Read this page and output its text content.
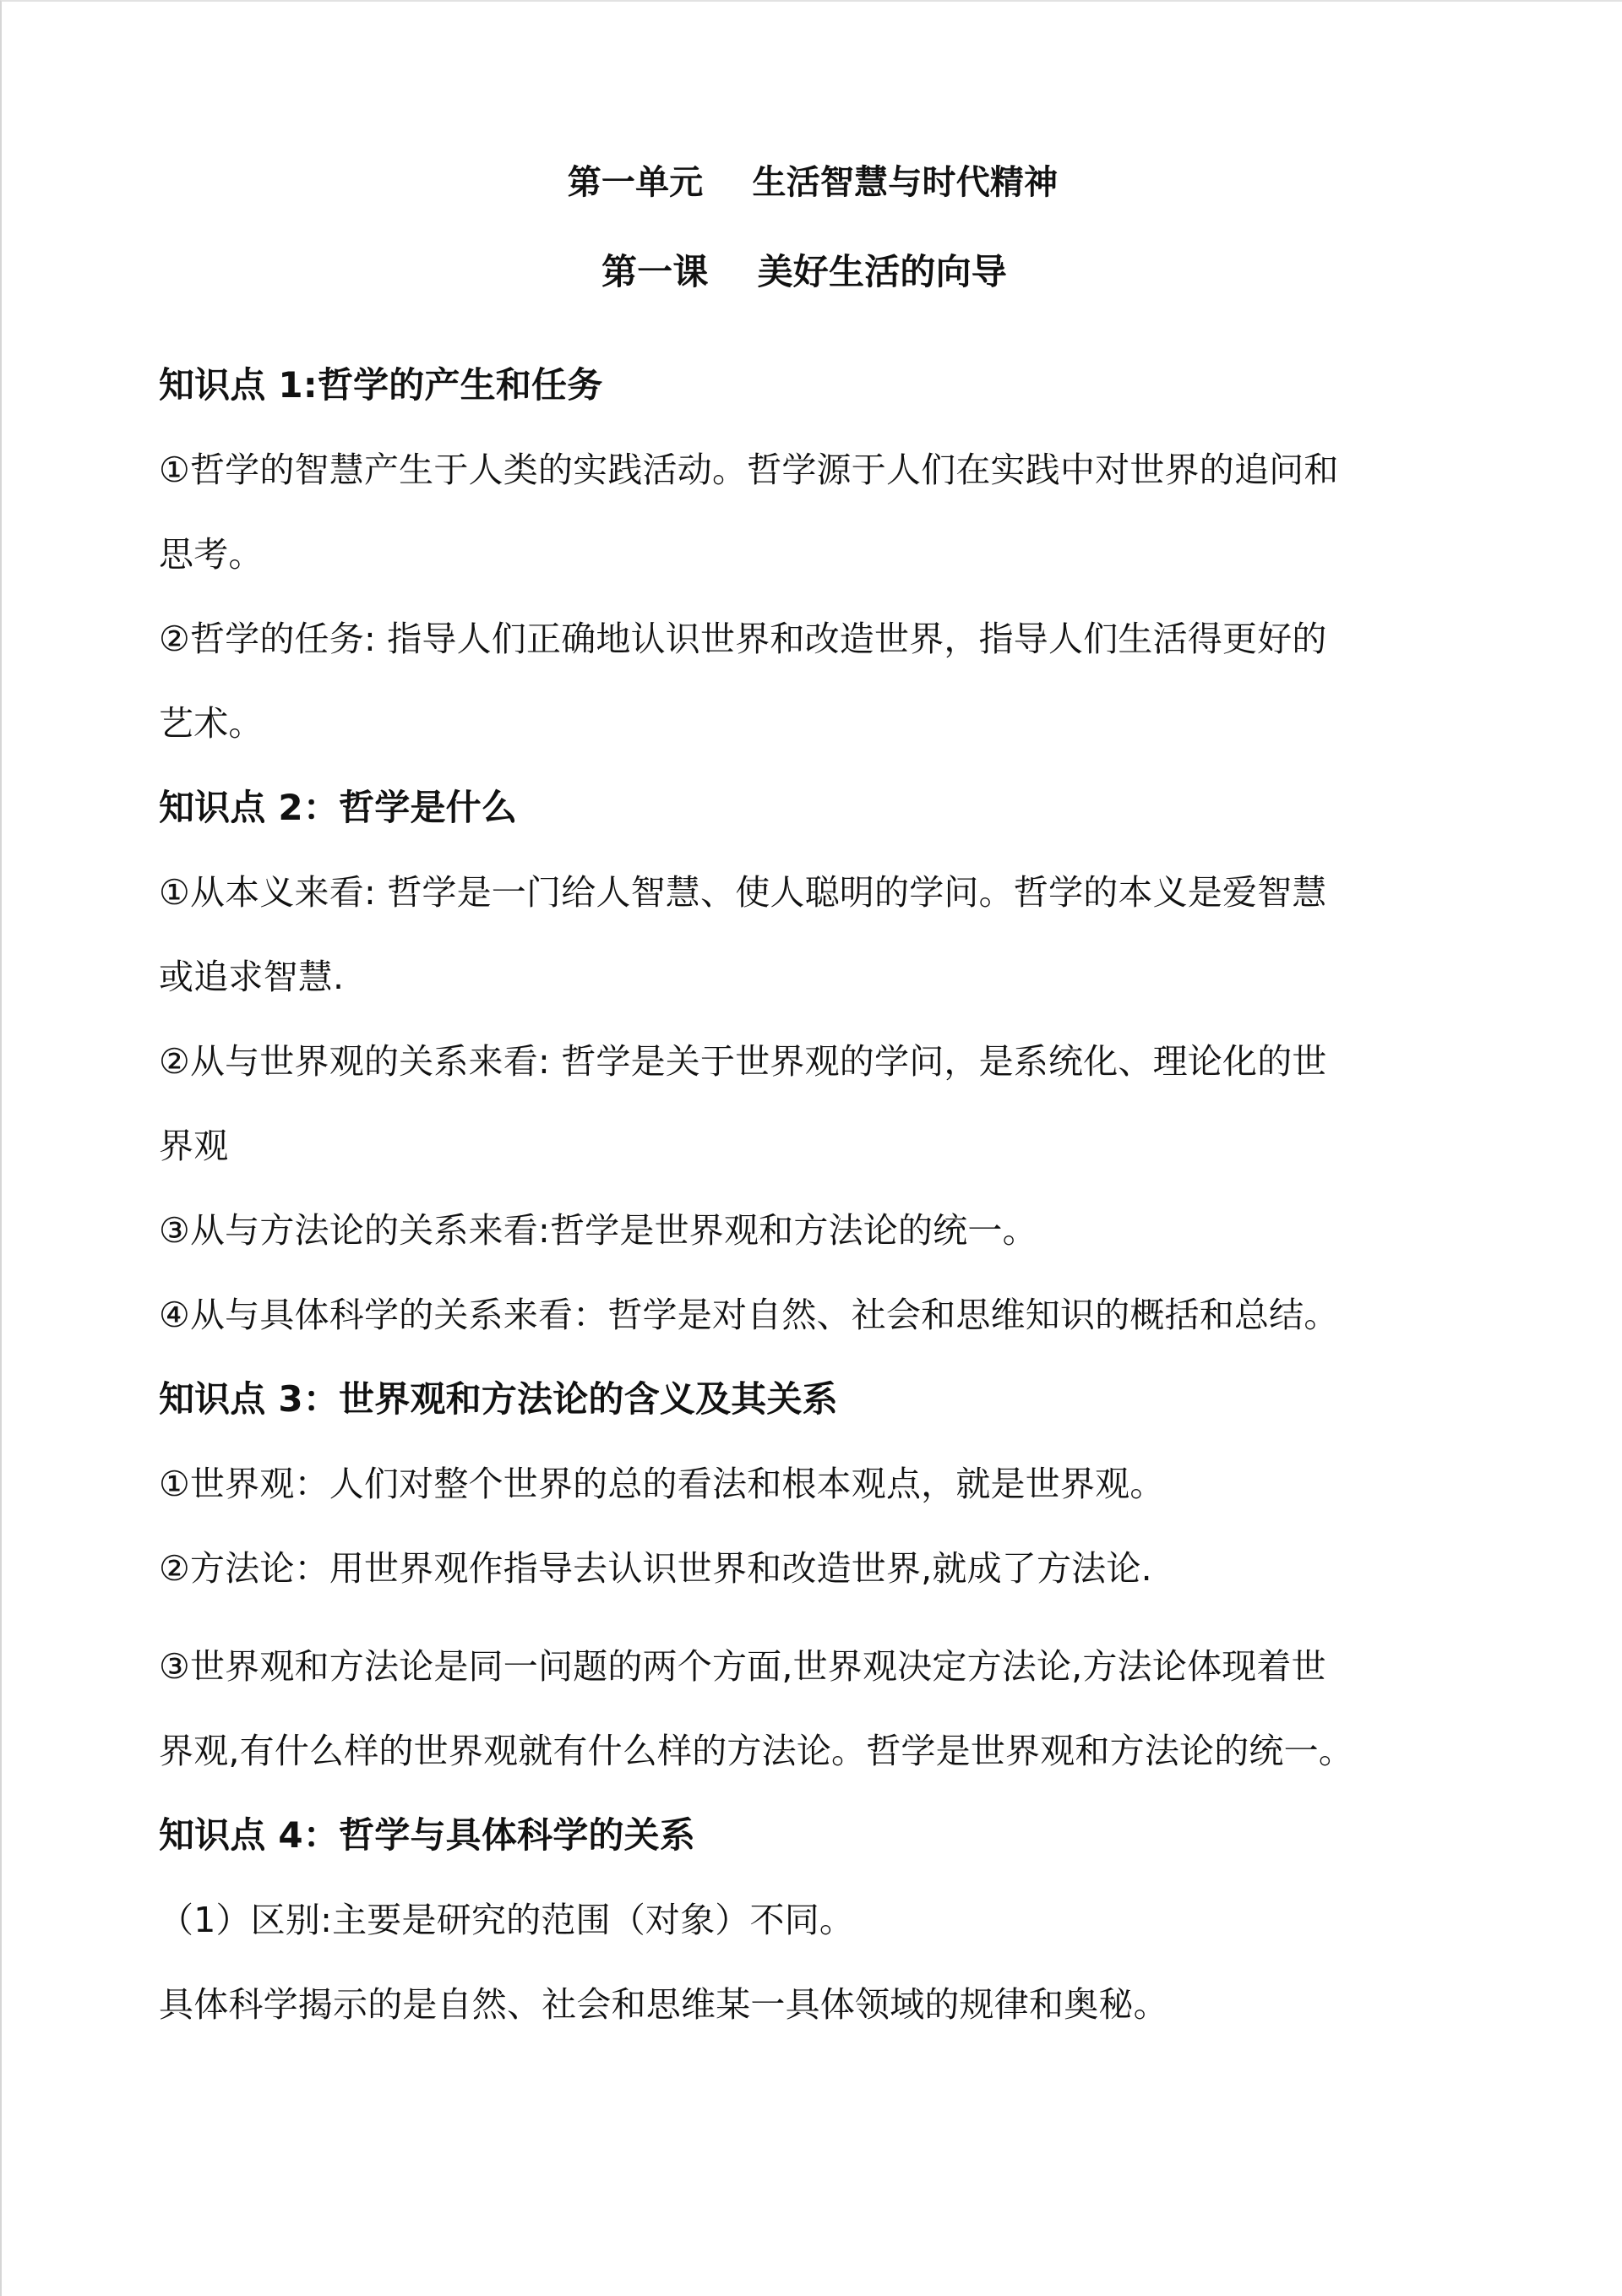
第一单元 生活智慧与时代精神
第一课 美好生活的向导
知识点 1:哲学的产生和任务
①哲学的智慧产生于人类的实践活动。哲学源于人们在实践中对世界的追问和
思考。
②哲学的任务: 指导人们正确地认识世界和改造世界，指导人们生活得更好的
艺术。
知识点 2：哲学是什么
①从本义来看: 哲学是一门给人智慧、使人聪明的学问。哲学的本义是爱智慧
或追求智慧.
②从与世界观的关系来看: 哲学是关于世界观的学问，是系统化、理论化的世
界观
③从与方法论的关系来看:哲学是世界观和方法论的统一。
④从与具体科学的关系来看：哲学是对自然、社会和思维知识的概括和总结。
知识点 3：世界观和方法论的含义及其关系
①世界观：人们对整个世界的总的看法和根本观点，就是世界观。
②方法论：用世界观作指导去认识世界和改造世界,就成了方法论.
③世界观和方法论是同一问题的两个方面,世界观决定方法论,方法论体现着世
界观,有什么样的世界观就有什么样的方法论。哲学是世界观和方法论的统一。
知识点 4：哲学与具体科学的关系
（1）区别:主要是研究的范围（对象）不同。
具体科学揭示的是自然、社会和思维某一具体领域的规律和奥秘。
